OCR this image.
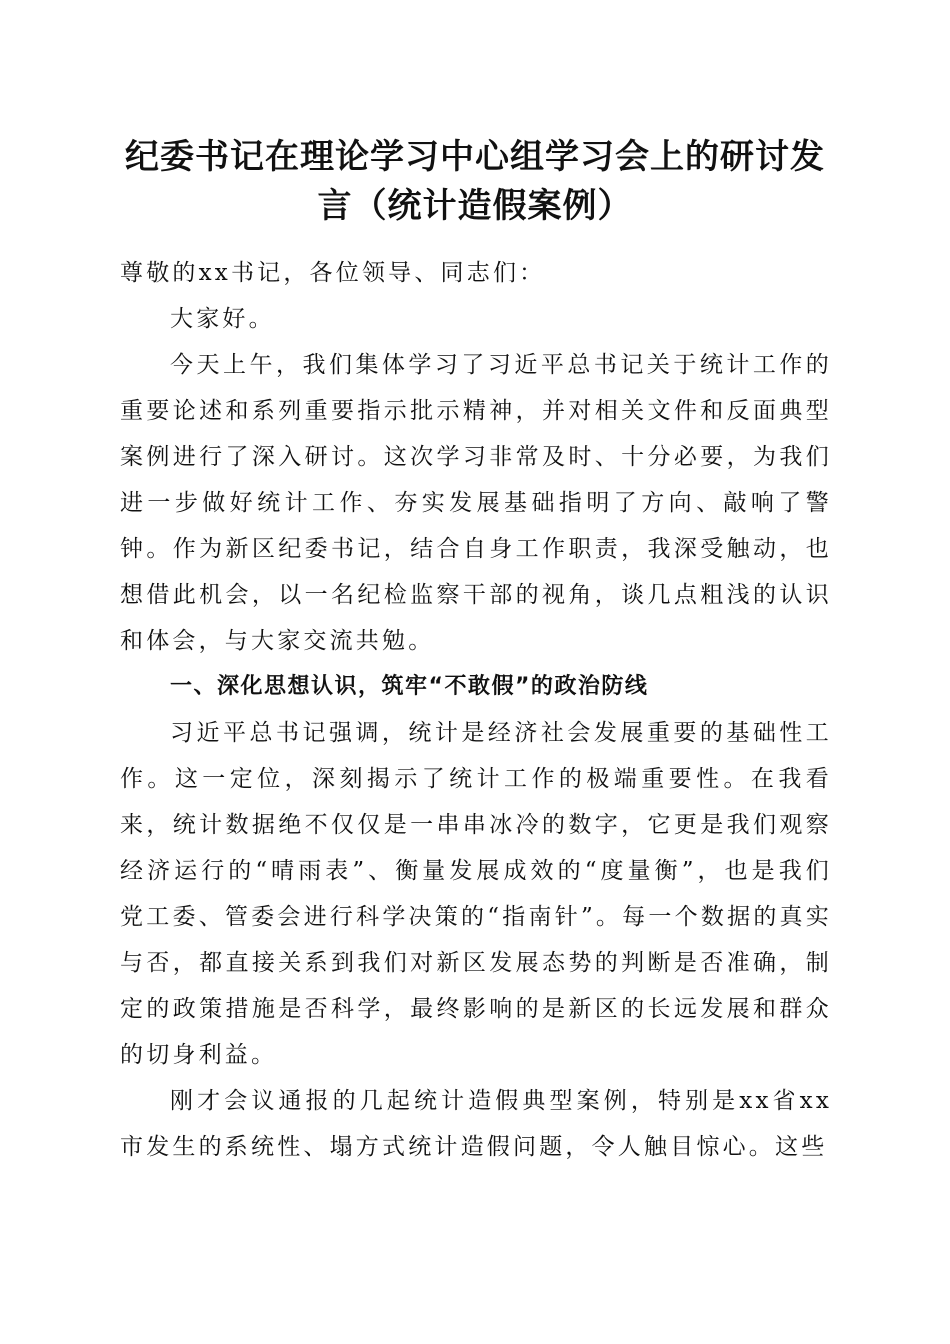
纪委书记在理论学习中心组学习会上的研讨发言（统计造假案例）

尊敬的xx书记，各位领导、同志们：

大家好。

今天上午，我们集体学习了习近平总书记关于统计工作的重要论述和系列重要指示批示精神，并对相关文件和反面典型案例进行了深入研讨。这次学习非常及时、十分必要，为我们进一步做好统计工作、夯实发展基础指明了方向、敲响了警钟。作为新区纪委书记，结合自身工作职责，我深受触动，也想借此机会，以一名纪检监察干部的视角，谈几点粗浅的认识和体会，与大家交流共勉。

一、深化思想认识，筑牢“不敢假”的政治防线

习近平总书记强调，统计是经济社会发展重要的基础性工作。这一定位，深刻揭示了统计工作的极端重要性。在我看来，统计数据绝不仅仅是一串串冰冷的数字，它更是我们观察经济运行的“晴雨表”、衡量发展成效的“度量衡”，也是我们党工委、管委会进行科学决策的“指南针”。每一个数据的真实与否，都直接关系到我们对新区发展态势的判断是否准确，制定的政策措施是否科学，最终影响的是新区的长远发展和群众的切身利益。

刚才会议通报的几起统计造假典型案例，特别是xx省xx市发生的系统性、塌方式统计造假问题，令人触目惊心。这些
